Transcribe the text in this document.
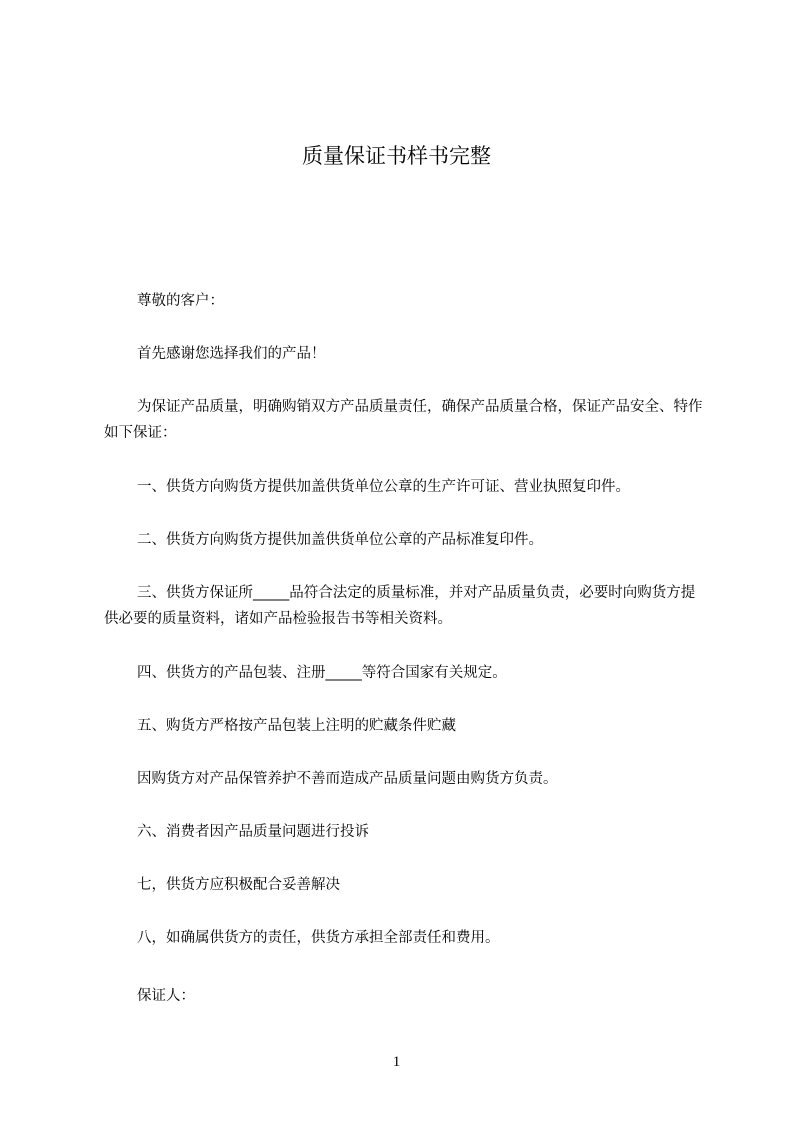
质量保证书样书完整
尊敬的客户：
首先感谢您选择我们的产品！
为保证产品质量，明确购销双方产品质量责任，确保产品质量合格，保证产品安全、特作如下保证：
一、供货方向购货方提供加盖供货单位公章的生产许可证、营业执照复印件。
二、供货方向购货方提供加盖供货单位公章的产品标准复印件。
三、供货方保证所_____品符合法定的质量标准，并对产品质量负责，必要时向购货方提供必要的质量资料，诸如产品检验报告书等相关资料。
四、供货方的产品包装、注册_____等符合国家有关规定。
五、购货方严格按产品包装上注明的贮藏条件贮藏
因购货方对产品保管养护不善而造成产品质量问题由购货方负责。
六、消费者因产品质量问题进行投诉
七，供货方应积极配合妥善解决
八，如确属供货方的责任，供货方承担全部责任和费用。
保证人：
1
